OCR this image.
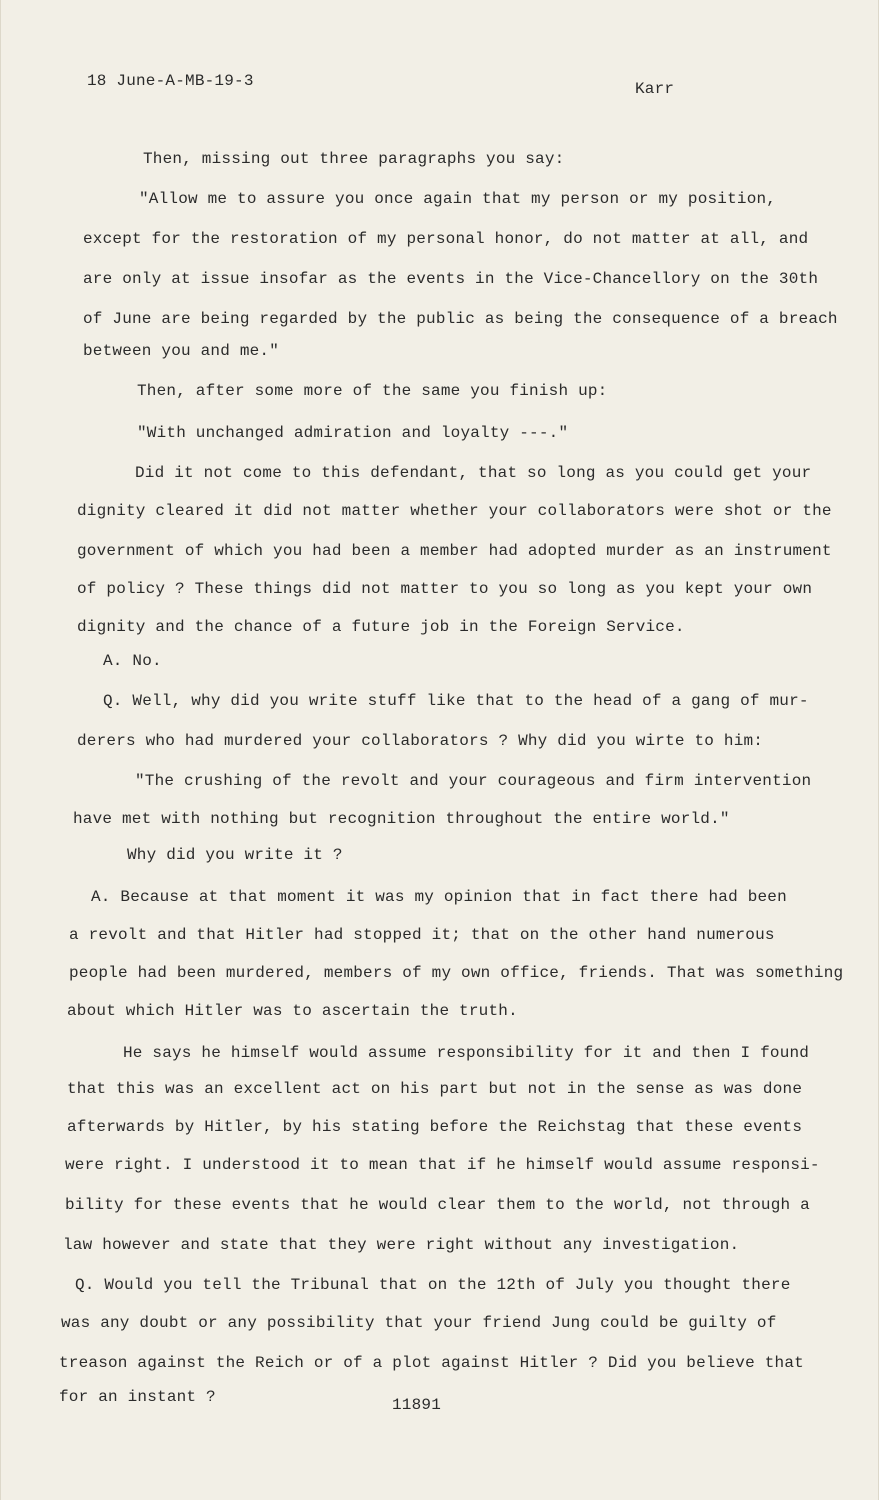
18 June-A-MB-19-3	Karr
Then, missing out three paragraphs you say:
"Allow me to assure you once again that my person or my position,
except for the restoration of my personal honor, do not matter at all, and
are only at issue insofar as the events in the Vice-Chancellory on the 30th
of June are being regarded by the public as being the consequence of a breach
between you and me."
Then, after some more of the same you finish up:
"With unchanged admiration and loyalty ---."
Did it not come to this defendant, that so long as you could get your
dignity cleared it did not matter whether your collaborators were shot or the
government of which you had been a member had adopted murder as an instrument
of policy ? These things did not matter to you so long as you kept your own
dignity and the chance of a future job in the Foreign Service.
A. No.
Q. Well, why did you write stuff like that to the head of a gang of mur-
derers who had murdered your collaborators ? Why did you wirte to him:
"The crushing of the revolt and your courageous and firm intervention
have met with nothing but recognition throughout the entire world."
Why did you write it ?
A. Because at that moment it was my opinion that in fact there had been
a revolt and that Hitler had stopped it; that on the other hand numerous
people had been murdered, members of my own office, friends. That was something
about which Hitler was to ascertain the truth.
He says he himself would assume responsibility for it and then I found
that this was an excellent act on his part but not in the sense as was done
afterwards by Hitler, by his stating before the Reichstag that these events
were right. I understood it to mean that if he himself would assume responsi-
bility for these events that he would clear them to the world, not through a
law however and state that they were right without any investigation.
Q. Would you tell the Tribunal that on the 12th of July you thought there
was any doubt or any possibility that your friend Jung could be guilty of
treason against the Reich or of a plot against Hitler ? Did you believe that
for an instant ?	11891
